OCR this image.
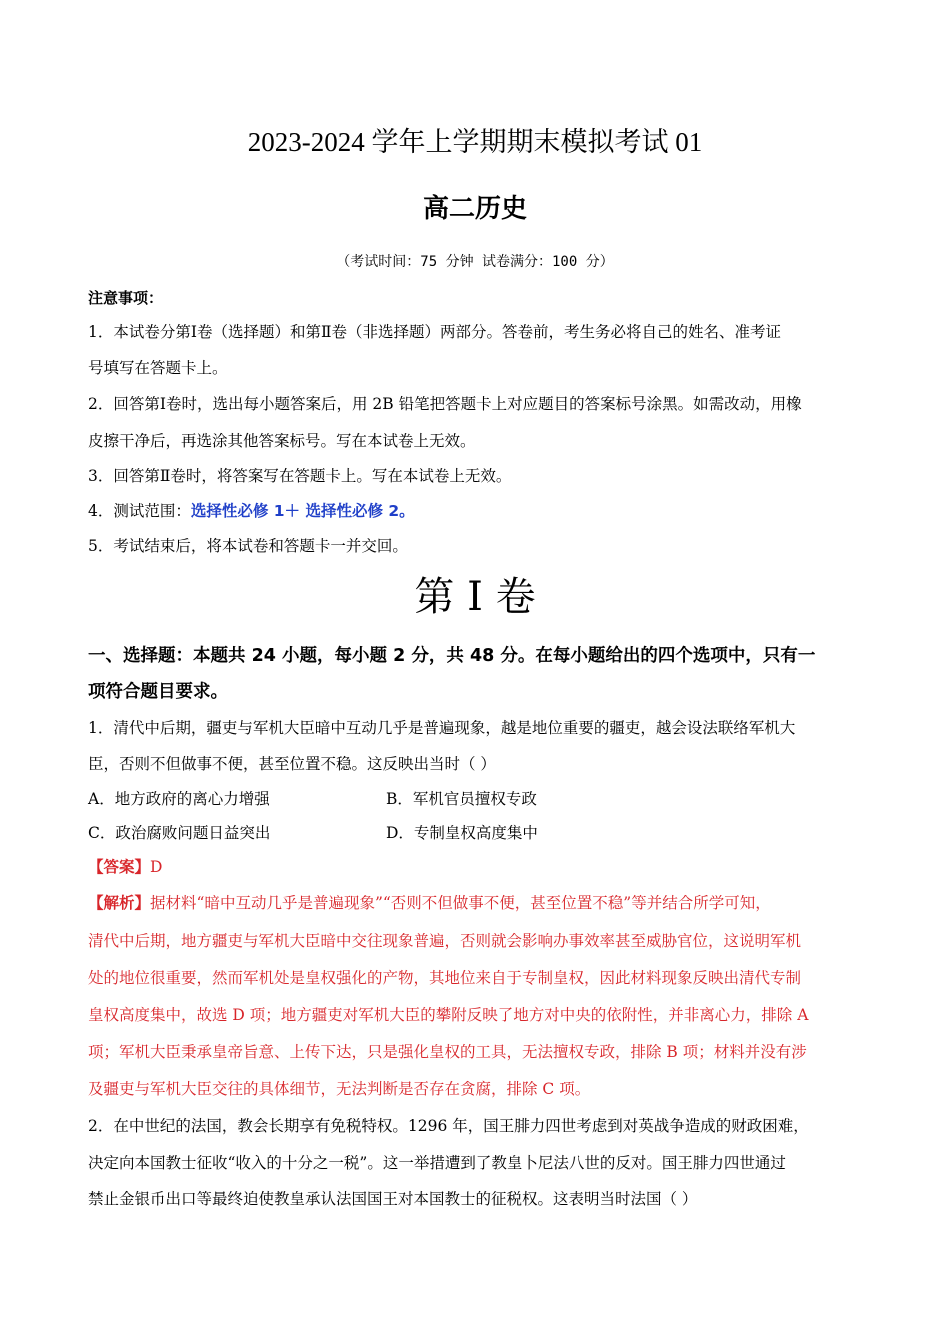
2023-2024 学年上学期期末模拟考试 01
高二历史
（考试时间：75 分钟 试卷满分：100 分）
注意事项：
1．本试卷分第Ⅰ卷（选择题）和第Ⅱ卷（非选择题）两部分。答卷前，考生务必将自己的姓名、准考证
号填写在答题卡上。
2．回答第Ⅰ卷时，选出每小题答案后，用 2B 铅笔把答题卡上对应题目的答案标号涂黑。如需改动，用橡
皮擦干净后，再选涂其他答案标号。写在本试卷上无效。
3．回答第Ⅱ卷时，将答案写在答题卡上。写在本试卷上无效。
4．测试范围：选择性必修 1＋ 选择性必修 2。
5．考试结束后，将本试卷和答题卡一并交回。
第 I 卷
一、选择题：本题共 24 小题，每小题 2 分，共 48 分。在每小题给出的四个选项中，只有一
项符合题目要求。
1．清代中后期，疆吏与军机大臣暗中互动几乎是普遍现象，越是地位重要的疆吏，越会设法联络军机大
臣，否则不但做事不便，甚至位置不稳。这反映出当时（ ）
A．地方政府的离心力增强	B．军机官员擅权专政
C．政治腐败问题日益突出	D．专制皇权高度集中
【答案】D
【解析】据材料“暗中互动几乎是普遍现象”“否则不但做事不便，甚至位置不稳”等并结合所学可知，
清代中后期，地方疆吏与军机大臣暗中交往现象普遍，否则就会影响办事效率甚至威胁官位，这说明军机
处的地位很重要，然而军机处是皇权强化的产物，其地位来自于专制皇权，因此材料现象反映出清代专制
皇权高度集中，故选 D 项；地方疆吏对军机大臣的攀附反映了地方对中央的依附性，并非离心力，排除 A
项；军机大臣秉承皇帝旨意、上传下达，只是强化皇权的工具，无法擅权专政，排除 B 项；材料并没有涉
及疆吏与军机大臣交往的具体细节，无法判断是否存在贪腐，排除 C 项。
2．在中世纪的法国，教会长期享有免税特权。1296 年，国王腓力四世考虑到对英战争造成的财政困难，
决定向本国教士征收“收入的十分之一税”。这一举措遭到了教皇卜尼法八世的反对。国王腓力四世通过
禁止金银币出口等最终迫使教皇承认法国国王对本国教士的征税权。这表明当时法国（ ）
